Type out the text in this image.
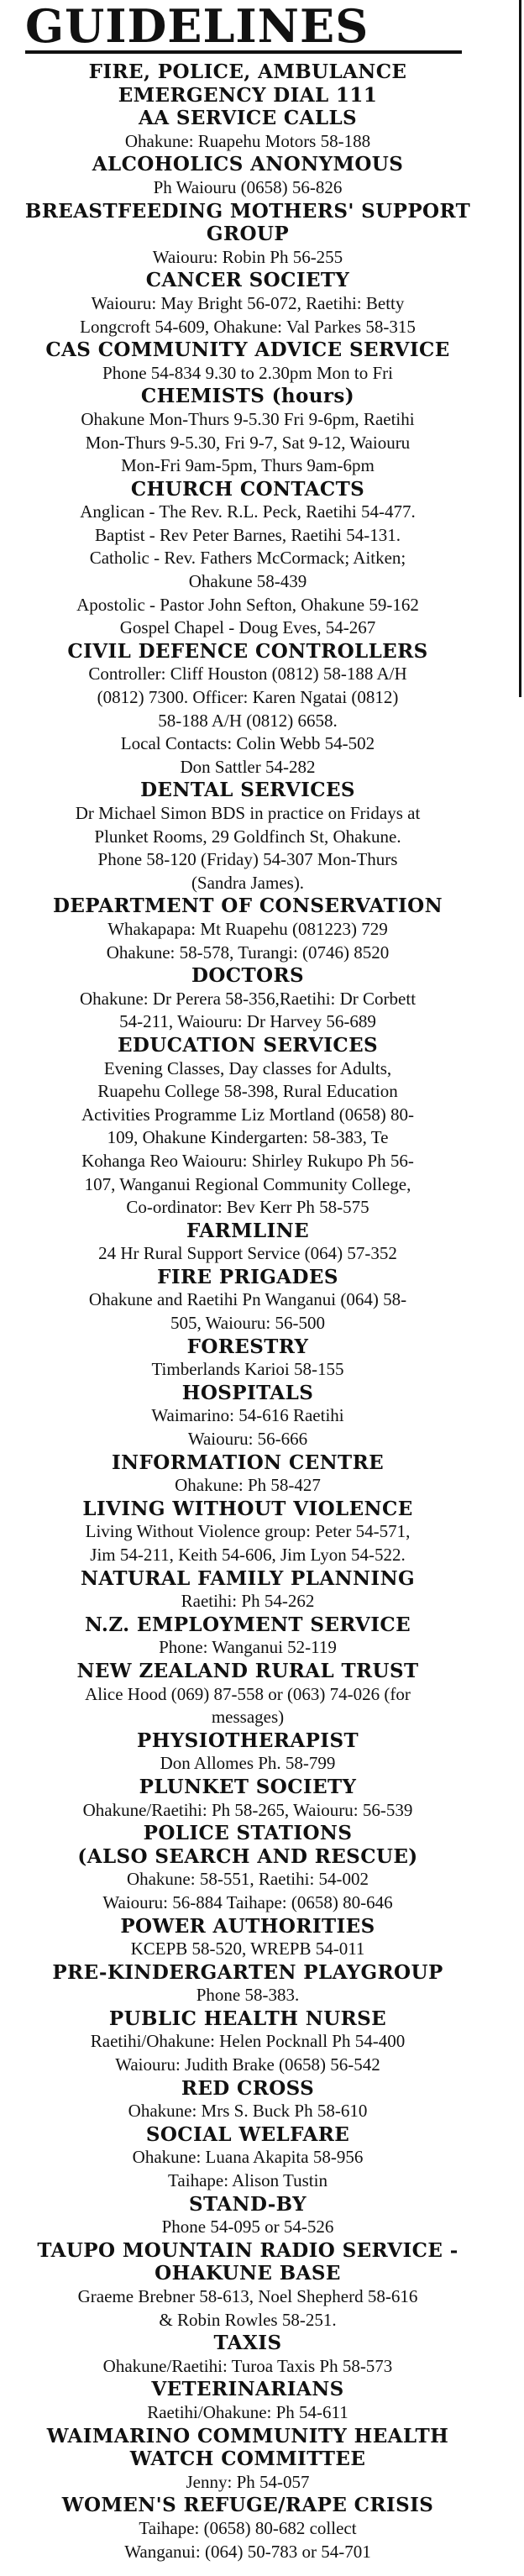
GUIDELINES
FIRE, POLICE, AMBULANCE
EMERGENCY DIAL 111
AA SERVICE CALLS
Ohakune: Ruapehu Motors 58-188
ALCOHOLICS ANONYMOUS
Ph Waiouru (0658) 56-826
BREASTFEEDING MOTHERS' SUPPORT
GROUP
Waiouru: Robin Ph 56-255
CANCER SOCIETY
Waiouru: May Bright 56-072, Raetihi: Betty
Longcroft 54-609, Ohakune: Val Parkes 58-315
CAS COMMUNITY ADVICE SERVICE
Phone 54-834 9.30 to 2.30pm Mon to Fri
CHEMISTS (hours)
Ohakune Mon-Thurs 9-5.30 Fri 9-6pm, Raetihi
Mon-Thurs 9-5.30, Fri 9-7, Sat 9-12, Waiouru
Mon-Fri 9am-5pm, Thurs 9am-6pm
CHURCH CONTACTS
Anglican - The Rev. R.L. Peck, Raetihi 54-477.
Baptist - Rev Peter Barnes, Raetihi 54-131.
Catholic - Rev. Fathers McCormack; Aitken;
Ohakune 58-439
Apostolic - Pastor John Sefton, Ohakune 59-162
Gospel Chapel - Doug Eves, 54-267
CIVIL DEFENCE CONTROLLERS
Controller: Cliff Houston (0812) 58-188 A/H
(0812) 7300. Officer: Karen Ngatai (0812)
58-188 A/H (0812) 6658.
Local Contacts: Colin Webb 54-502
Don Sattler 54-282
DENTAL SERVICES
Dr Michael Simon BDS in practice on Fridays at
Plunket Rooms, 29 Goldfinch St, Ohakune.
Phone 58-120 (Friday) 54-307 Mon-Thurs
(Sandra James).
DEPARTMENT OF CONSERVATION
Whakapapa: Mt Ruapehu (081223) 729
Ohakune: 58-578, Turangi: (0746) 8520
DOCTORS
Ohakune: Dr Perera 58-356,Raetihi: Dr Corbett
54-211, Waiouru: Dr Harvey 56-689
EDUCATION SERVICES
Evening Classes, Day classes for Adults,
Ruapehu College 58-398, Rural Education
Activities Programme Liz Mortland (0658) 80-
109, Ohakune Kindergarten: 58-383, Te
Kohanga Reo Waiouru: Shirley Rukupo Ph 56-
107, Wanganui Regional Community College,
Co-ordinator: Bev Kerr Ph 58-575
FARMLINE
24 Hr Rural Support Service (064) 57-352
FIRE PRIGADES
Ohakune and Raetihi Pn Wanganui (064) 58-
505, Waiouru: 56-500
FORESTRY
Timberlands Karioi 58-155
HOSPITALS
Waimarino: 54-616 Raetihi
Waiouru: 56-666
INFORMATION CENTRE
Ohakune: Ph 58-427
LIVING WITHOUT VIOLENCE
Living Without Violence group: Peter 54-571,
Jim 54-211, Keith 54-606, Jim Lyon 54-522.
NATURAL FAMILY PLANNING
Raetihi: Ph 54-262
N.Z. EMPLOYMENT SERVICE
Phone: Wanganui 52-119
NEW ZEALAND RURAL TRUST
Alice Hood (069) 87-558 or (063) 74-026 (for
messages)
PHYSIOTHERAPIST
Don Allomes Ph. 58-799
PLUNKET SOCIETY
Ohakune/Raetihi: Ph 58-265, Waiouru: 56-539
POLICE STATIONS
(ALSO SEARCH AND RESCUE)
Ohakune: 58-551, Raetihi: 54-002
Waiouru: 56-884 Taihape: (0658) 80-646
POWER AUTHORITIES
KCEPB 58-520, WREPB 54-011
PRE-KINDERGARTEN PLAYGROUP
Phone 58-383.
PUBLIC HEALTH NURSE
Raetihi/Ohakune: Helen Pocknall Ph 54-400
Waiouru: Judith Brake (0658) 56-542
RED CROSS
Ohakune: Mrs S. Buck Ph 58-610
SOCIAL WELFARE
Ohakune: Luana Akapita 58-956
Taihape: Alison Tustin
STAND-BY
Phone 54-095 or 54-526
TAUPO MOUNTAIN RADIO SERVICE -
OHAKUNE BASE
Graeme Brebner 58-613, Noel Shepherd 58-616
& Robin Rowles 58-251.
TAXIS
Ohakune/Raetihi: Turoa Taxis Ph 58-573
VETERINARIANS
Raetihi/Ohakune: Ph 54-611
WAIMARINO COMMUNITY HEALTH
WATCH COMMITTEE
Jenny: Ph 54-057
WOMEN'S REFUGE/RAPE CRISIS
Taihape: (0658) 80-682 collect
Wanganui: (064) 50-783 or 54-701
